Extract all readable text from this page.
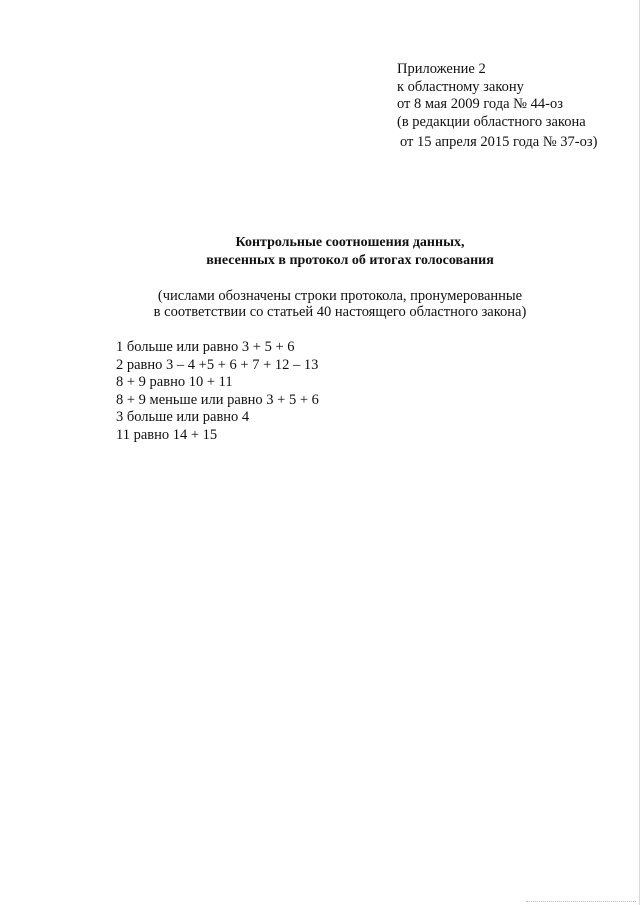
Приложение 2

к областному закону

от 8 мая 2009 года № 44-оз

(в редакции областного закона

от 15 апреля 2015 года № 37-оз)

Контрольные соотношения данных,

внесенных в протокол об итогах голосования

(числами обозначены строки протокола, пронумерованные

в соответствии со статьей 40 настоящего областного закона)

1 больше или равно 3 + 5 + 6
2 равно 3 – 4 +5 + 6 + 7 + 12 – 13
8 + 9 равно 10 + 11
8 + 9 меньше или равно 3 + 5 + 6
3 больше или равно 4
11 равно 14 + 15
